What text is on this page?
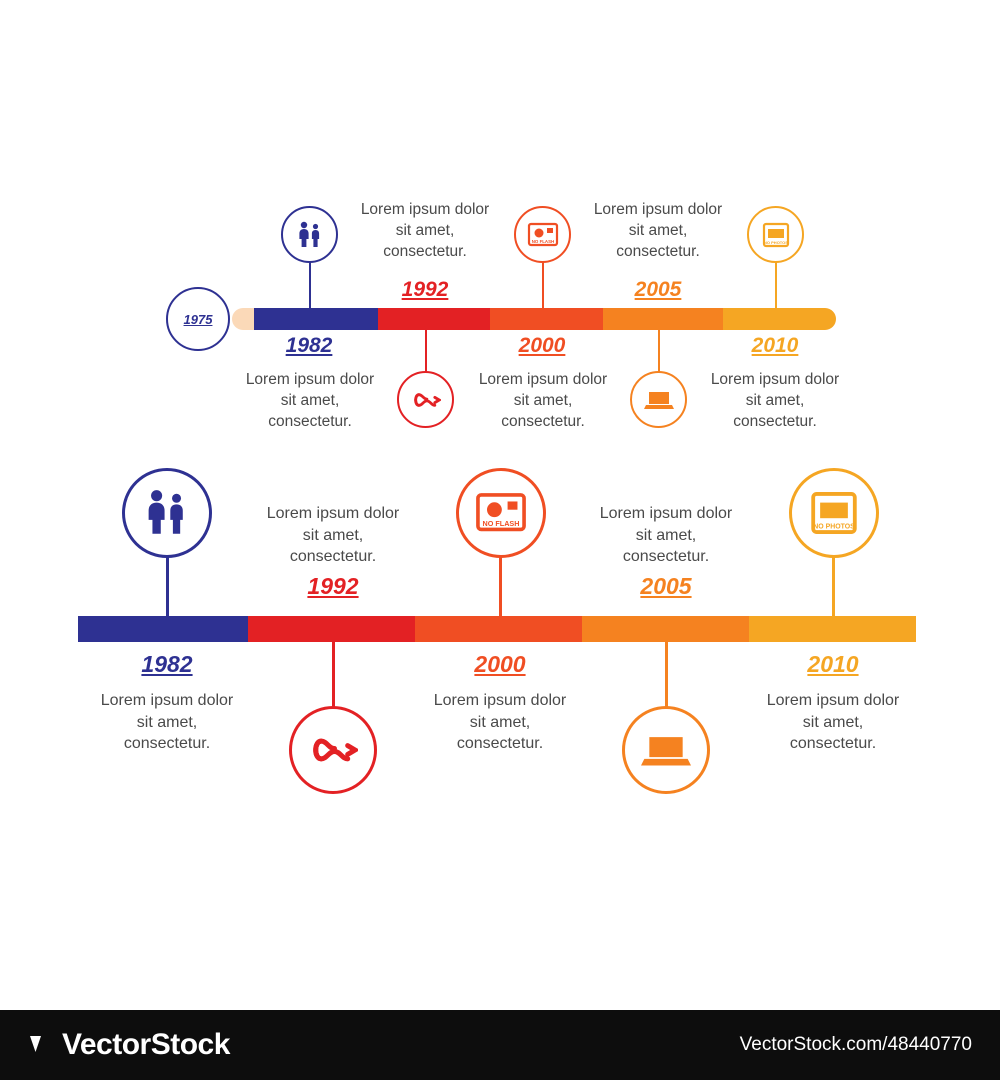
1975
1982
Lorem ipsum dolor sit amet, consectetur.
1992
Lorem ipsum dolor sit amet, consectetur.
NO FLASH
2000
Lorem ipsum dolor sit amet, consectetur.
2005
Lorem ipsum dolor sit amet, consectetur.
NO PHOTOS
2010
Lorem ipsum dolor sit amet, consectetur.
1982
Lorem ipsum dolor sit amet, consectetur.
1992
Lorem ipsum dolor sit amet, consectetur.
NO FLASH
2000
Lorem ipsum dolor sit amet, consectetur.
2005
Lorem ipsum dolor sit amet, consectetur.
NO PHOTOS
2010
Lorem ipsum dolor sit amet, consectetur.
VectorStock	VectorStock.com/48440770
